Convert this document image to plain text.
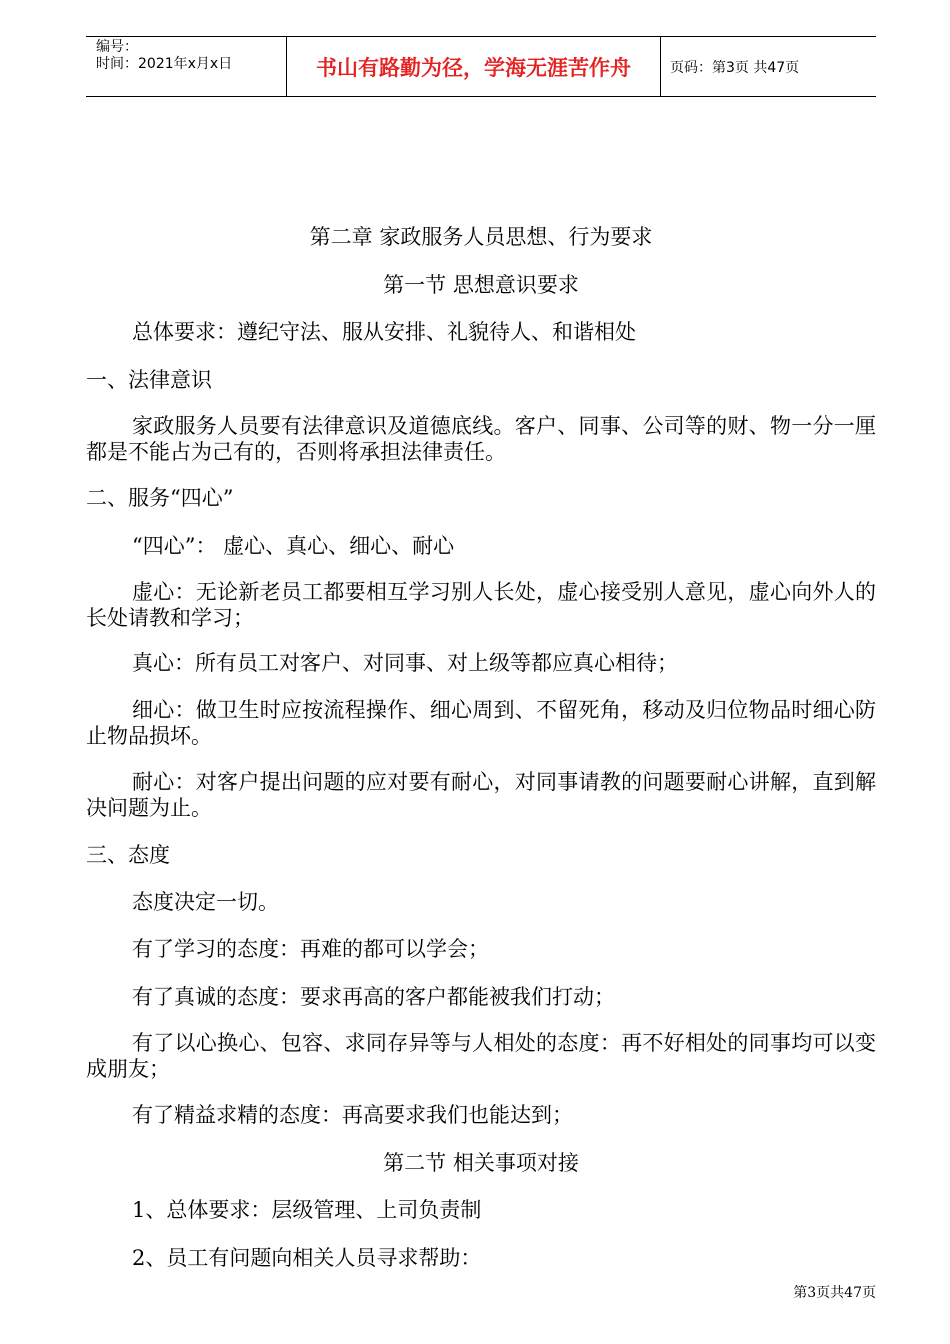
编号：
时间：2021年x月x日	书山有路勤为径，学海无涯苦作舟	页码：第3页 共47页
第二章 家政服务人员思想、行为要求
第一节 思想意识要求
总体要求：遵纪守法、服从安排、礼貌待人、和谐相处
一、法律意识
家政服务人员要有法律意识及道德底线。客户、同事、公司等的财、物一分一厘都是不能占为己有的，否则将承担法律责任。
二、服务“四心”
“四心”： 虚心、真心、细心、耐心
虚心：无论新老员工都要相互学习别人长处，虚心接受别人意见，虚心向外人的长处请教和学习；
真心：所有员工对客户、对同事、对上级等都应真心相待；
细心：做卫生时应按流程操作、细心周到、不留死角，移动及归位物品时细心防止物品损坏。
耐心：对客户提出问题的应对要有耐心，对同事请教的问题要耐心讲解，直到解决问题为止。
三、态度
态度决定一切。
有了学习的态度：再难的都可以学会；
有了真诚的态度：要求再高的客户都能被我们打动；
有了以心换心、包容、求同存异等与人相处的态度：再不好相处的同事均可以变成朋友；
有了精益求精的态度：再高要求我们也能达到；
第二节 相关事项对接
1、总体要求：层级管理、上司负责制
2、员工有问题向相关人员寻求帮助：
第3页共47页
